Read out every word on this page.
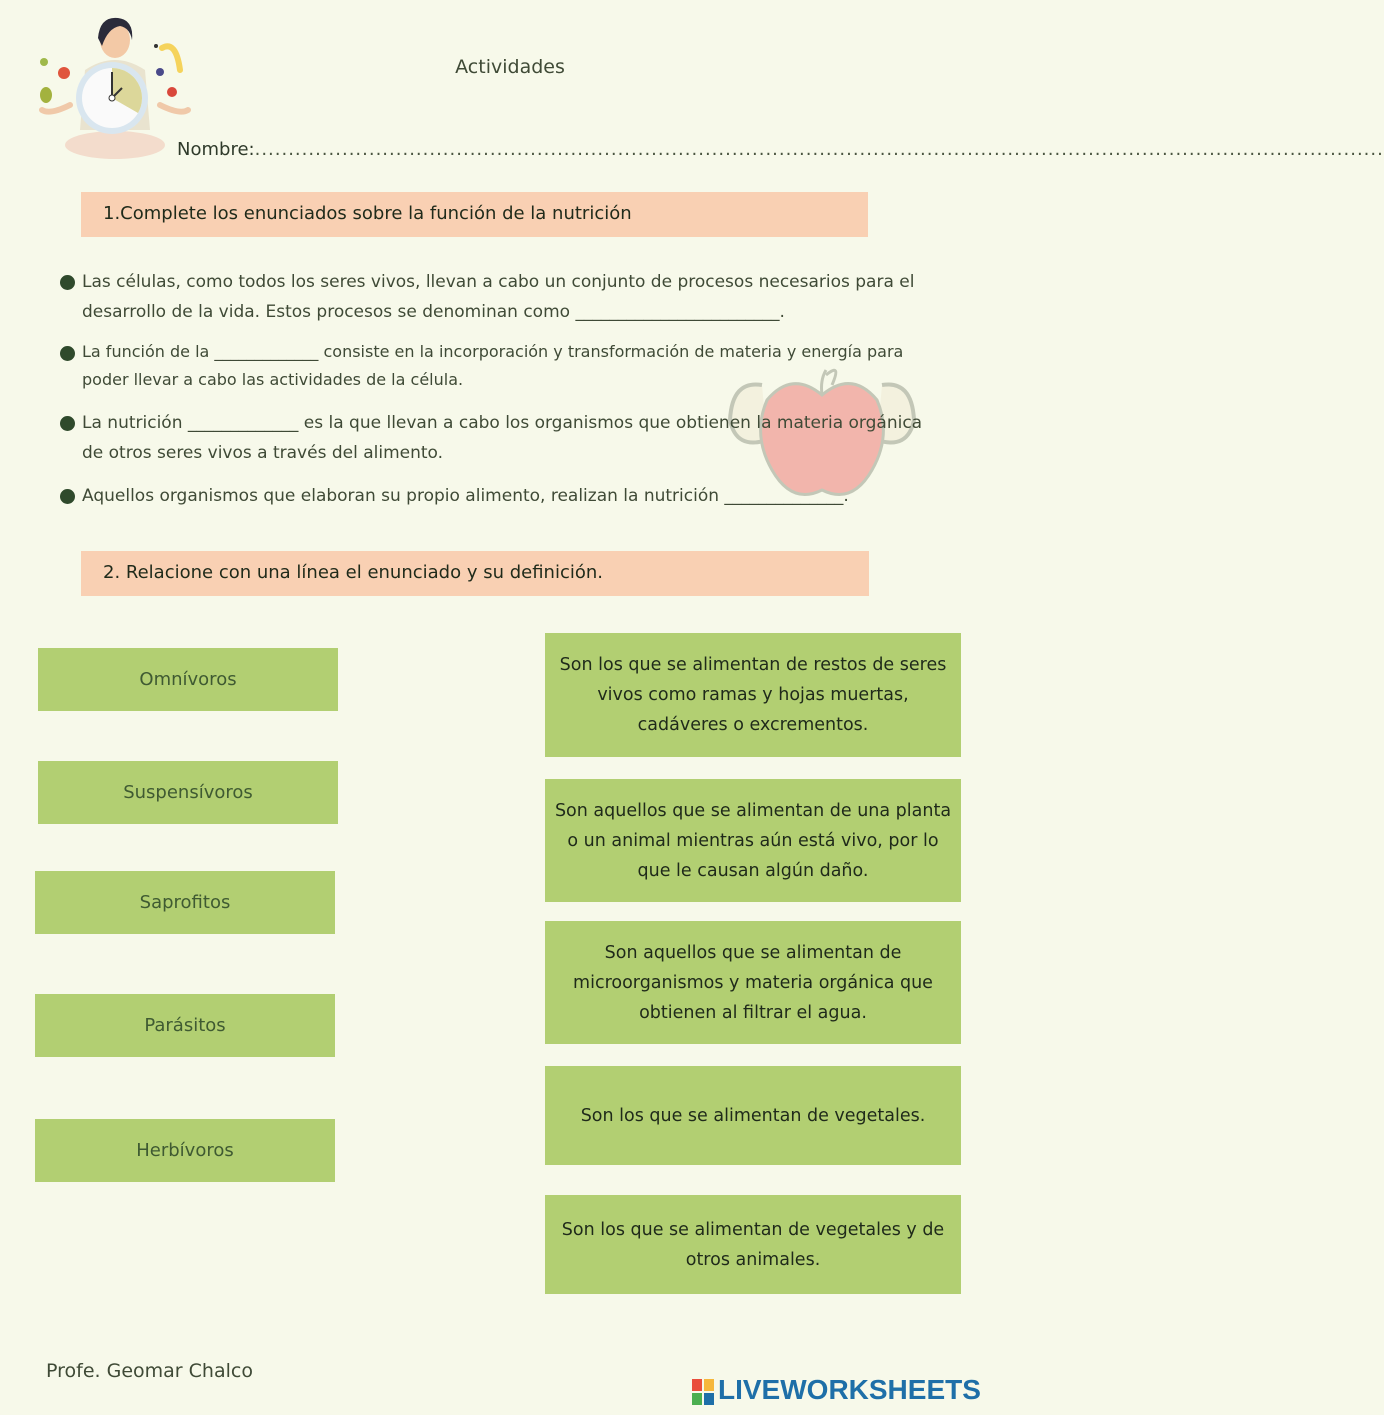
Actividades
Nombre:........................................................................................................................................................................
1.Complete los enunciados sobre la función de la nutrición
Las células, como todos los seres vivos, llevan a cabo un conjunto de procesos necesarios para el desarrollo de la vida. Estos procesos se denominan como ________________________.
La función de la _____________ consiste en la incorporación y transformación de materia y energía para poder llevar a cabo las actividades de la célula.
La nutrición _____________ es la que llevan a cabo los organismos que obtienen la materia orgánica de otros seres vivos a través del alimento.
Aquellos organismos que elaboran su propio alimento, realizan la nutrición ______________.
2. Relacione con una línea el enunciado y su definición.
Omnívoros
Suspensívoros
Saprofitos
Parásitos
Herbívoros
Son los que se alimentan de restos de seres vivos como ramas y hojas muertas, cadáveres o excrementos.
Son aquellos que se alimentan de una planta o un animal mientras aún está vivo, por lo que le causan algún daño.
Son aquellos que se alimentan de microorganismos y materia orgánica que obtienen al filtrar el agua.
Son los que se alimentan de vegetales.
Son los que se alimentan de vegetales y de otros animales.
Profe. Geomar Chalco
LIVEWORKSHEETS
